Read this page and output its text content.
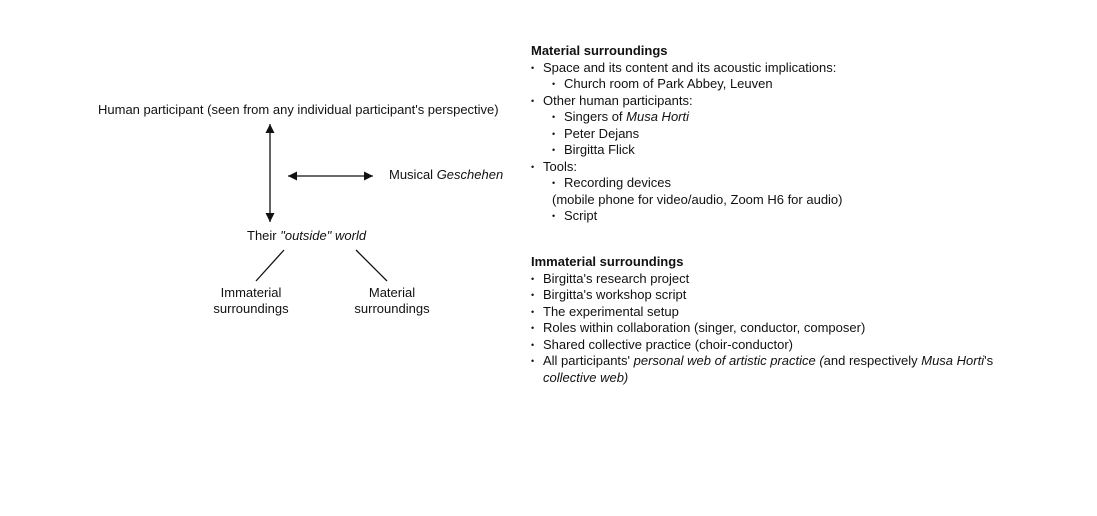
Human participant (seen from any individual participant's perspective)
Musical Geschehen
Their "outside" world
Immaterial
surroundings
Material
surroundings
Material surroundings
• Space and its content and its acoustic implications:
• Church room of Park Abbey, Leuven
• Other human participants:
• Singers of Musa Horti
• Peter Dejans
• Birgitta Flick
• Tools:
• Recording devices
(mobile phone for video/audio, Zoom H6 for audio)
• Script
Immaterial surroundings
• Birgitta's research project
• Birgitta's workshop script
• The experimental setup
• Roles within collaboration (singer, conductor, composer)
• Shared collective practice (choir-conductor)
• All participants' personal web of artistic practice (and respectively Musa Horti's
collective web)
